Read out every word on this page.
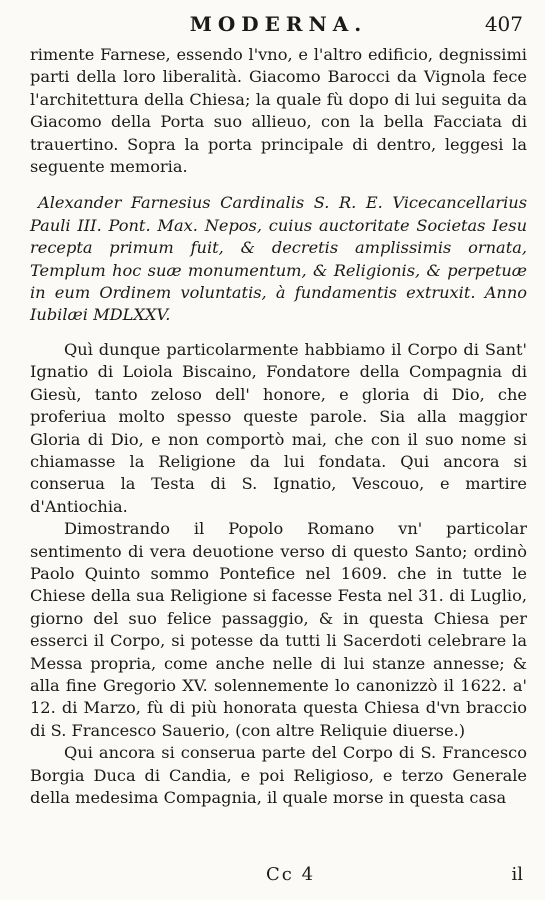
MODERNA.	407

rimente Farnese, essendo l'vno, e l'altro edificio, degnissimi parti della loro liberalità. Giacomo Barocci da Vignola fece l'architettura della Chiesa; la quale fù dopo di lui seguita da Giacomo della Porta suo allieuo, con la bella Facciata di trauertino. Sopra la porta principale di dentro, leggesi la seguente memoria.

Alexander Farnesius Cardinalis S. R. E. Vicecancellarius Pauli III. Pont. Max. Nepos, cuius auctoritate Societas Iesu recepta primum fuit, & decretis amplissimis ornata, Templum hoc suæ monumentum, & Religionis, & perpetuæ in eum Ordinem voluntatis, à fundamentis extruxit. Anno Iubilæi MDLXXV.

Quì dunque particolarmente habbiamo il Corpo di Sant' Ignatio di Loiola Biscaino, Fondatore della Compagnia di Giesù, tanto zeloso dell' honore, e gloria di Dio, che proferiua molto spesso queste parole. Sia alla maggior Gloria di Dio, e non comportò mai, che con il suo nome si chiamasse la Religione da lui fondata. Qui ancora si conserua la Testa di S. Ignatio, Vescouo, e martire d'Antiochia.

Dimostrando il Popolo Romano vn' particolar sentimento di vera deuotione verso di questo Santo; ordinò Paolo Quinto sommo Pontefice nel 1609. che in tutte le Chiese della sua Religione si facesse Festa nel 31. di Luglio, giorno del suo felice passaggio, & in questa Chiesa per esserci il Corpo, si potesse da tutti li Sacerdoti celebrare la Messa propria, come anche nelle di lui stanze annesse; & alla fine Gregorio XV. solennemente lo canonizzò il 1622. a' 12. di Marzo, fù di più honorata questa Chiesa d'vn braccio di S. Francesco Sauerio, (con altre Reliquie diuerse.)

Qui ancora si conserua parte del Corpo di S. Francesco Borgia Duca di Candia, e poi Religioso, e terzo Generale della medesima Compagnia, il quale morse in questa casa

Cc 4	il
